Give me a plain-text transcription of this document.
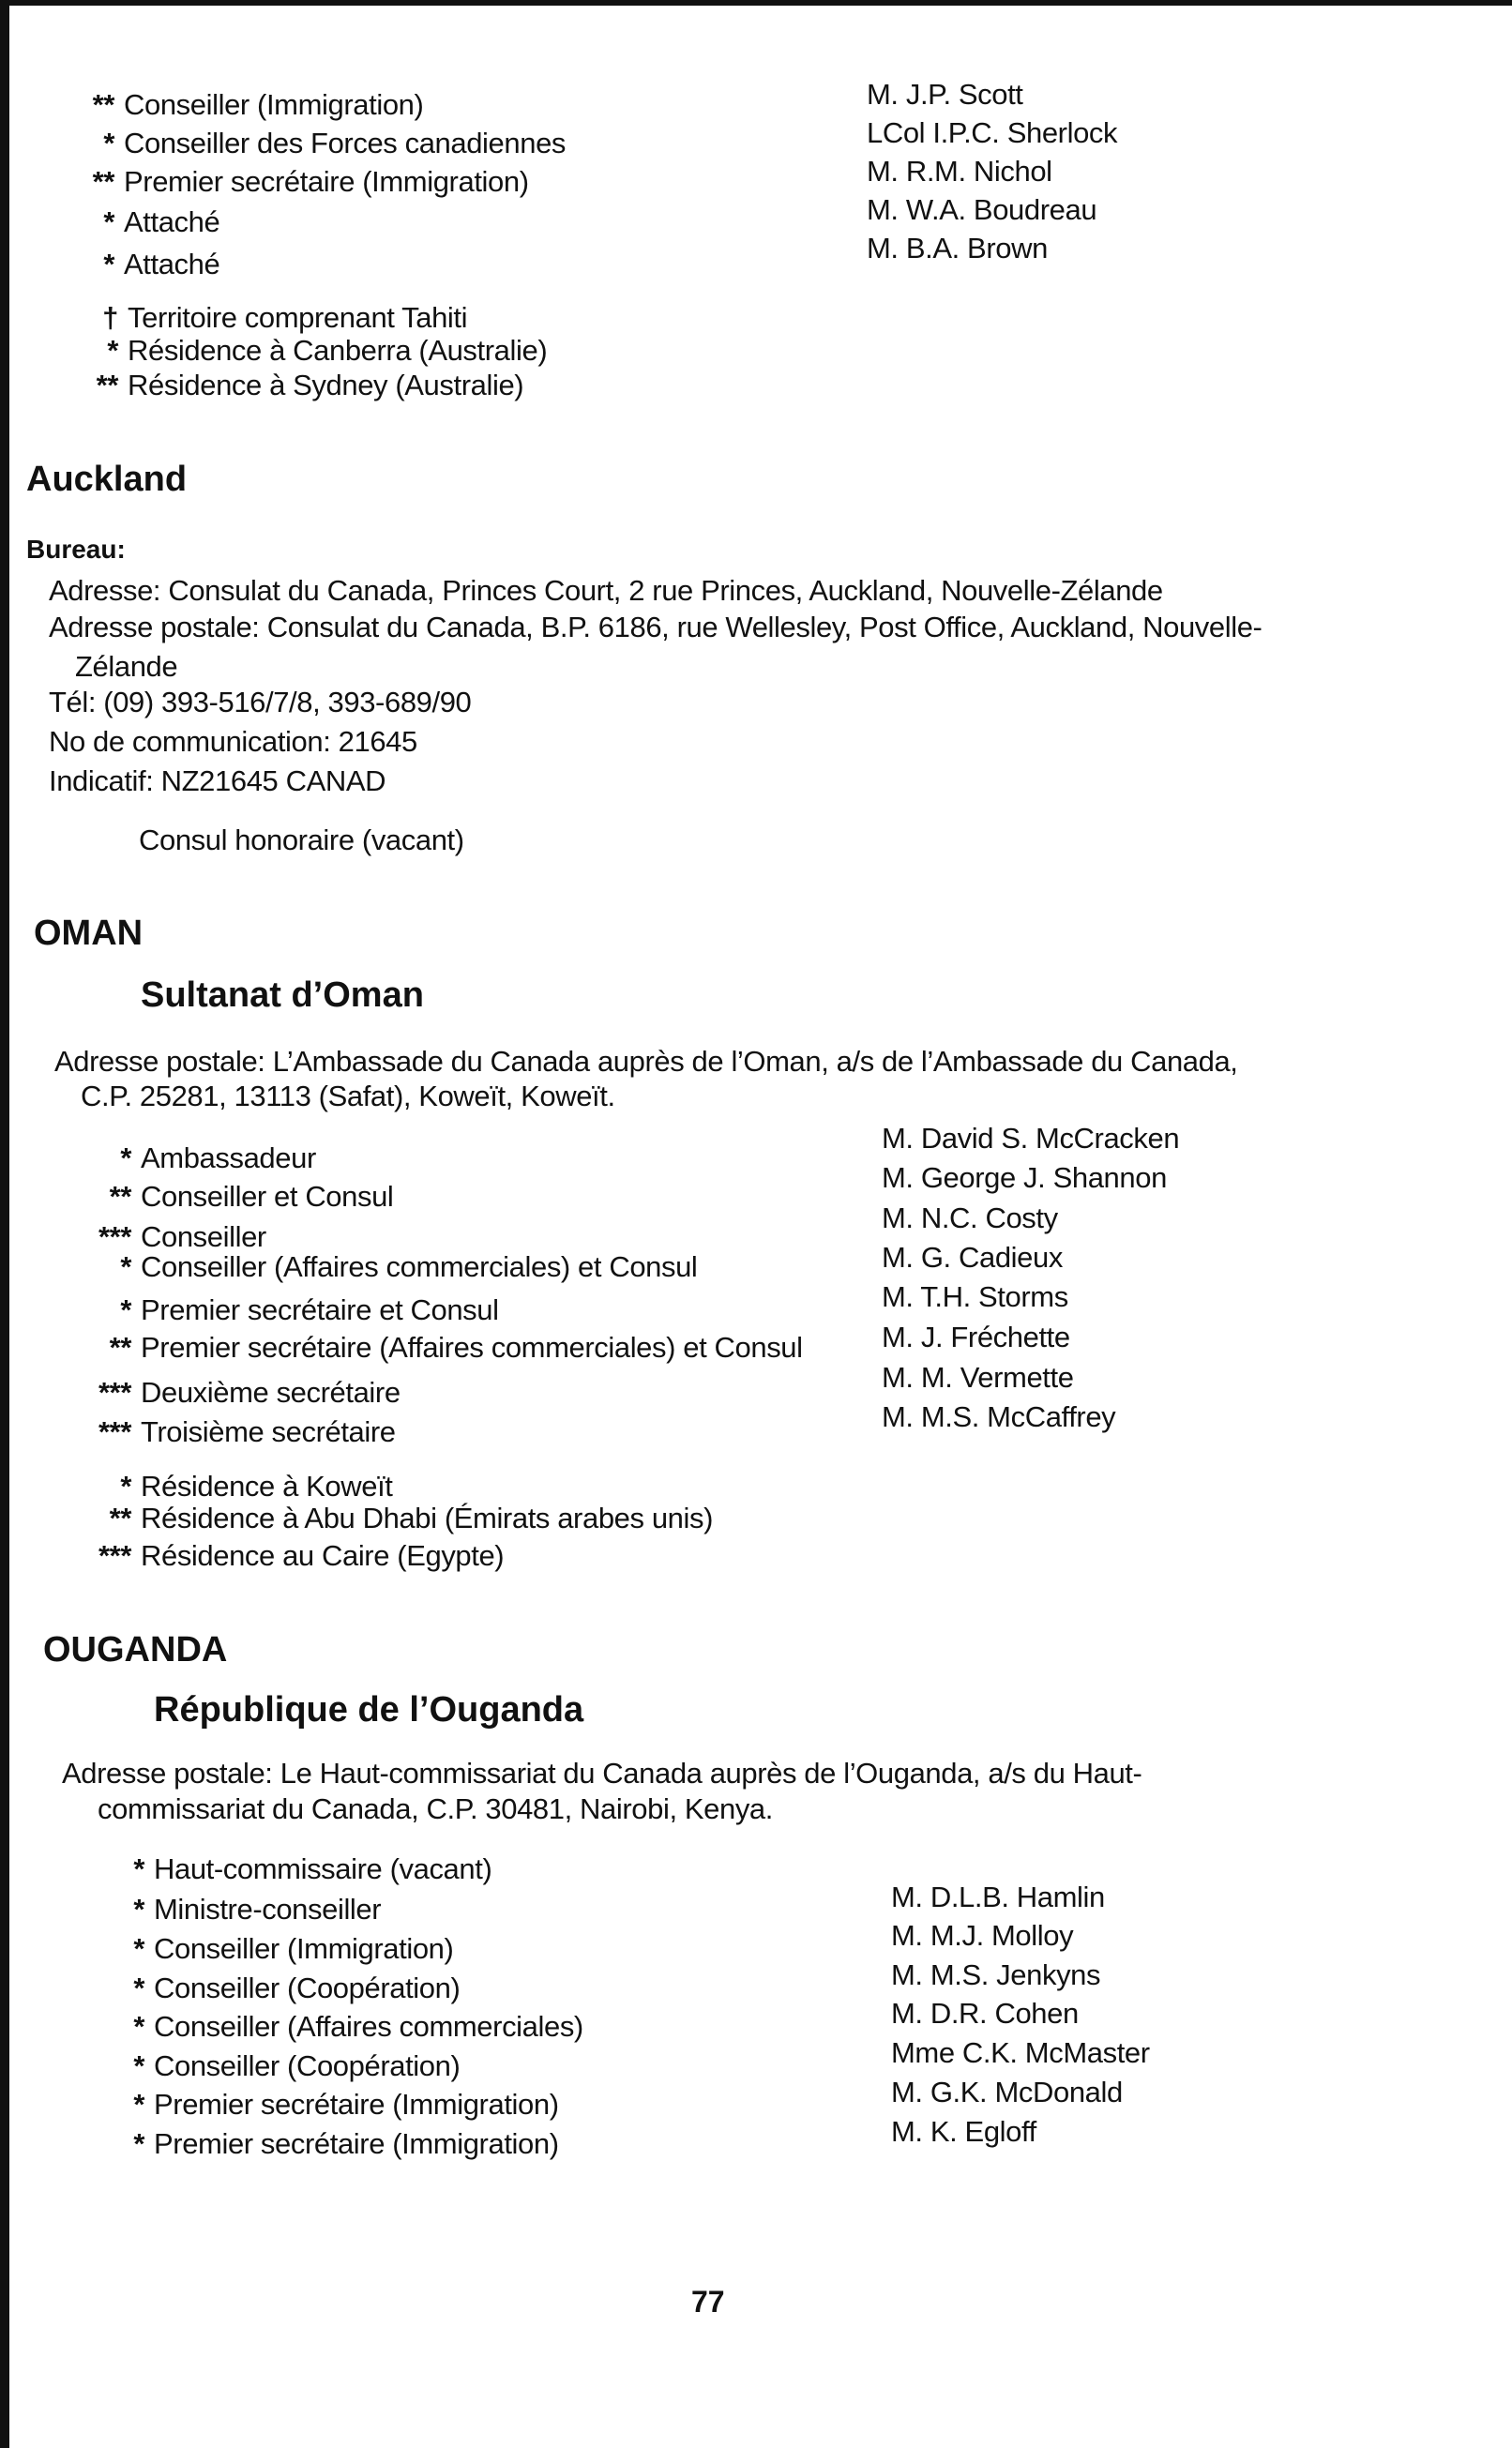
** Conseiller (Immigration)
* Conseiller des Forces canadiennes
** Premier secrétaire (Immigration)
* Attaché
* Attaché
M. J.P. Scott
LCol I.P.C. Sherlock
M. R.M. Nichol
M. W.A. Boudreau
M. B.A. Brown
† Territoire comprenant Tahiti
* Résidence à Canberra (Australie)
** Résidence à Sydney (Australie)
Auckland
Bureau:
Adresse: Consulat du Canada, Princes Court, 2 rue Princes, Auckland, Nouvelle-Zélande
Adresse postale: Consulat du Canada, B.P. 6186, rue Wellesley, Post Office, Auckland, Nouvelle-
Zélande
Tél: (09) 393-516/7/8, 393-689/90
No de communication: 21645
Indicatif: NZ21645 CANAD
Consul honoraire (vacant)
OMAN
Sultanat d’Oman
Adresse postale: L’Ambassade du Canada auprès de l’Oman, a/s de l’Ambassade du Canada,
C.P. 25281, 13113 (Safat), Koweït, Koweït.
* Ambassadeur
** Conseiller et Consul
*** Conseiller
* Conseiller (Affaires commerciales) et Consul
* Premier secrétaire et Consul
** Premier secrétaire (Affaires commerciales) et Consul
*** Deuxième secrétaire
*** Troisième secrétaire
M. David S. McCracken
M. George J. Shannon
M. N.C. Costy
M. G. Cadieux
M. T.H. Storms
M. J. Fréchette
M. M. Vermette
M. M.S. McCaffrey
* Résidence à Koweït
** Résidence à Abu Dhabi (Émirats arabes unis)
*** Résidence au Caire (Egypte)
OUGANDA
République de l’Ouganda
Adresse postale: Le Haut-commissariat du Canada auprès de l’Ouganda, a/s du Haut-
commissariat du Canada, C.P. 30481, Nairobi, Kenya.
* Haut-commissaire (vacant)
* Ministre-conseiller
* Conseiller (Immigration)
* Conseiller (Coopération)
* Conseiller (Affaires commerciales)
* Conseiller (Coopération)
* Premier secrétaire (Immigration)
* Premier secrétaire (Immigration)
M. D.L.B. Hamlin
M. M.J. Molloy
M. M.S. Jenkyns
M. D.R. Cohen
Mme C.K. McMaster
M. G.K. McDonald
M. K. Egloff
77
